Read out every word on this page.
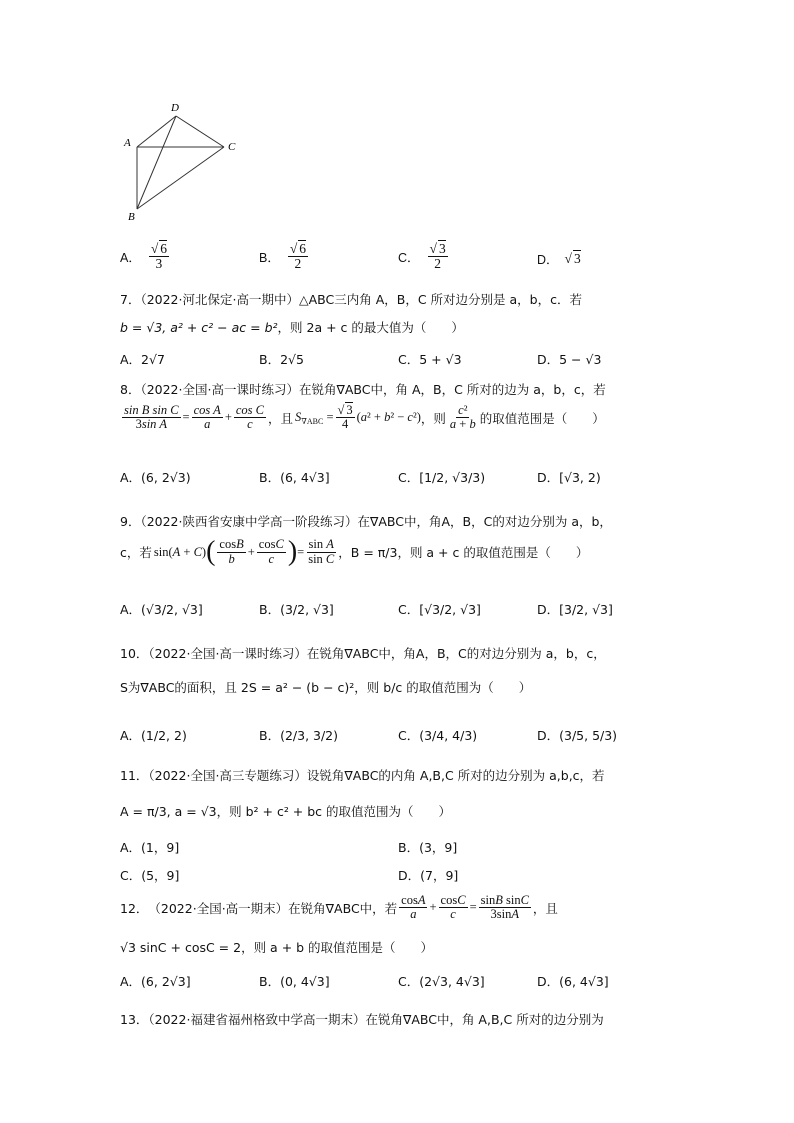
D
A	C
B
A． $\frac{√ 6}{3}$	B． $\frac{√ 6}{2}$	C． $\frac{√ 3}{2}$	D． √ 3
7．（2022·河北保定·高一期中）△ABC三内角 A，B，C 所对边分别是 a，b，c．若
b = √3, a² + c² − ac = b²，则 2a + c 的最大值为（　　）
A．2√7	B．2√5	C．5 + √3	D．5 − √3
8．（2022·全国·高一课时练习）在锐角∇ABC中，角 A，B，C 所对的边为 a，b，c，若
$\frac{\text{sin B sin C}}{\text{3sin A}} = \frac{\text{cos A}}{a} + \frac{\text{cos C}}{c}$ ，且 $S_{\nabla ABC} = \frac{√ 3}{4} (a^2 + b^2 - c^2)$ ，则 $\frac{\text{c²}}{a + b}$ 的取值范围是（　　）
A．(6, 2√3)	B．(6, 4√3]	C．[1/2, √3/3)	D．[√3, 2)
9．（2022·陕西省安康中学高一阶段练习）在∇ABC中，角A，B，C的对边分别为 a，b，
c，若 sin(A + C) ( $\frac{\cos B}{b} + \frac{\cos C}{c}$ ) = $\frac{\text{sin A}}{\text{sin C}}$ ，B = π/3，则 a + c 的取值范围是（　　）
A．(√3/2, √3]	B．(3/2, √3]	C．[√3/2, √3]	D．[3/2, √3]
10．（2022·全国·高一课时练习）在锐角∇ABC中，角A，B，C的对边分别为 a，b，c，
S为∇ABC的面积，且 2S = a² − (b − c)²，则 b/c 的取值范围为（　　）
A．(1/2, 2)	B．(2/3, 3/2)	C．(3/4, 4/3)	D．(3/5, 5/3)
11．（2022·全国·高三专题练习）设锐角∇ABC的内角 A,B,C 所对的边分别为 a,b,c，若
A = π/3, a = √3，则 b² + c² + bc 的取值范围为（　　）
A．(1，9]	B．(3，9]
C．(5，9]	D．(7，9]
12． （2022·全国·高一期末） 在锐角∇ABC中，若 $\frac{\cos A}{a} + \frac{\cos C}{c} = \frac{\text{sinB sinC}}{3\sin A}$ ，且
√3 sinC + cosC = 2，则 a + b 的取值范围是（　　）
A．(6, 2√3]	B．(0, 4√3]	C．(2√3, 4√3]	D．(6, 4√3]
13．（2022·福建省福州格致中学高一期末）在锐角∇ABC中，角 A,B,C 所对的边分别为
